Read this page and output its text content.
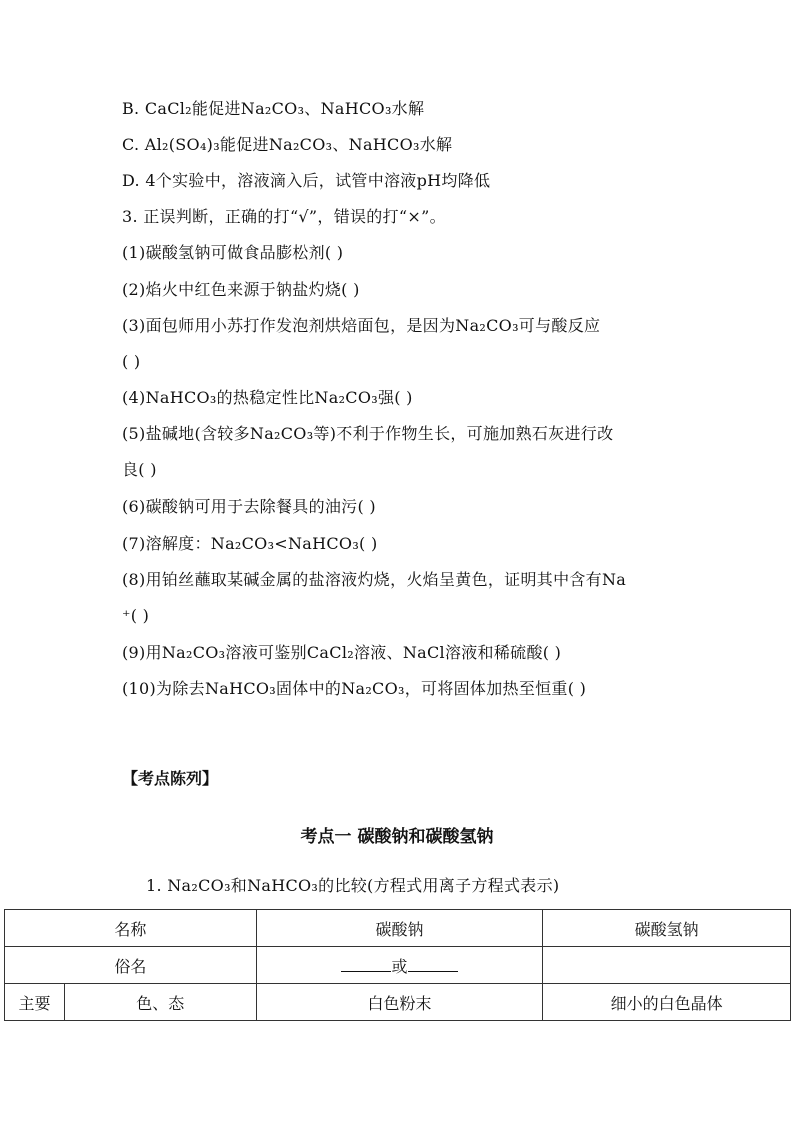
B. CaCl₂能促进Na₂CO₃、NaHCO₃水解
C. Al₂(SO₄)₃能促进Na₂CO₃、NaHCO₃水解
D. 4个实验中，溶液滴入后，试管中溶液pH均降低
3. 正误判断，正确的打“√”，错误的打“×”。
(1)碳酸氢钠可做食品膨松剂( )
(2)焰火中红色来源于钠盐灼烧( )
(3)面包师用小苏打作发泡剂烘焙面包，是因为Na₂CO₃可与酸反应
( )
(4)NaHCO₃的热稳定性比Na₂CO₃强( )
(5)盐碱地(含较多Na₂CO₃等)不利于作物生长，可施加熟石灰进行改
良( )
(6)碳酸钠可用于去除餐具的油污( )
(7)溶解度：Na₂CO₃<NaHCO₃( )
(8)用铂丝蘸取某碱金属的盐溶液灼烧，火焰呈黄色，证明其中含有Na
⁺( )
(9)用Na₂CO₃溶液可鉴别CaCl₂溶液、NaCl溶液和稀硫酸( )
(10)为除去NaHCO₃固体中的Na₂CO₃，可将固体加热至恒重( )
【考点陈列】
考点一 碳酸钠和碳酸氢钠
1. Na₂CO₃和NaHCO₃的比较(方程式用离子方程式表示)
名称		碳酸钠	碳酸氢钠
俗名		或	
主要	色、态	白色粉末	细小的白色晶体
